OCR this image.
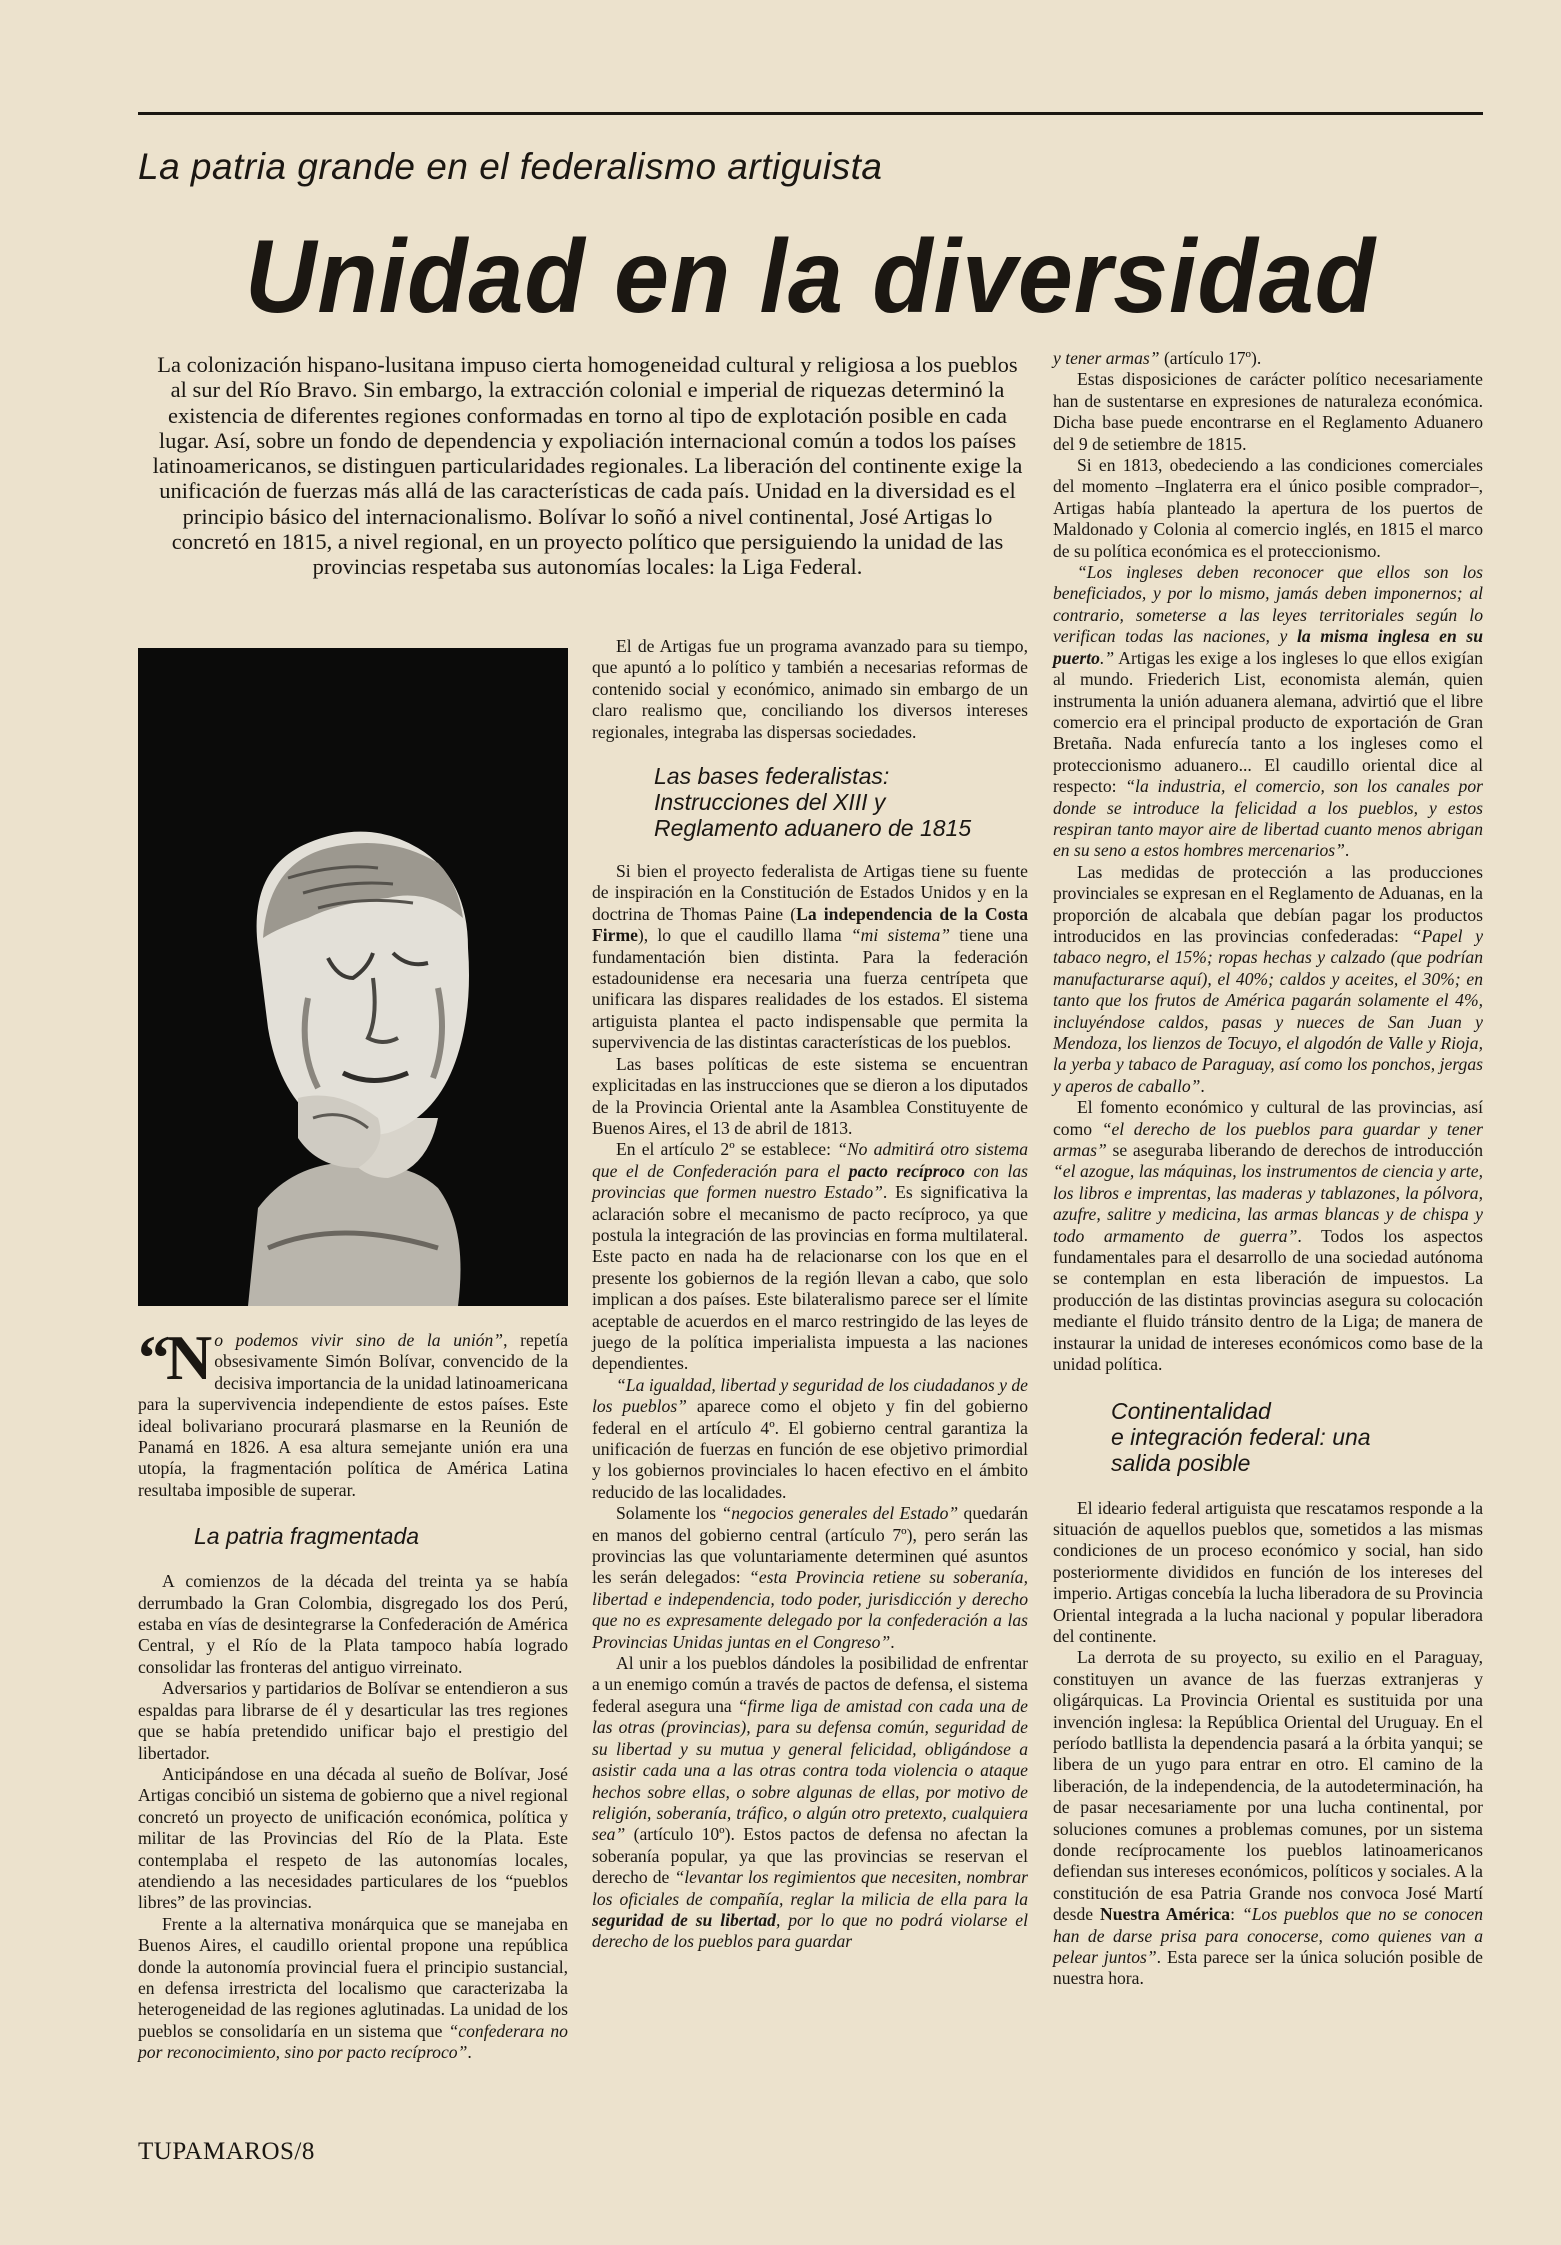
La patria grande en el federalismo artiguista
Unidad en la diversidad
La colonización hispano-lusitana impuso cierta homogeneidad cultural y religiosa a los pueblos al sur del Río Bravo. Sin embargo, la extracción colonial e imperial de riquezas determinó la existencia de diferentes regiones conformadas en torno al tipo de explotación posible en cada lugar. Así, sobre un fondo de dependencia y expoliación internacional común a todos los países latinoamericanos, se distinguen particularidades regionales. La liberación del continente exige la unificación de fuerzas más allá de las características de cada país. Unidad en la diversidad es el principio básico del internacionalismo. Bolívar lo soñó a nivel continental, José Artigas lo concretó en 1815, a nivel regional, en un proyecto político que persiguiendo la unidad de las provincias respetaba sus autonomías locales: la Liga Federal.

“No podemos vivir sino de la unión”, repetía obsesivamente Simón Bolívar, convencido de la decisiva importancia de la unidad latinoamericana para la supervivencia independiente de estos países. Este ideal bolivariano procurará plasmarse en la Reunión de Panamá en 1826. A esa altura semejante unión era una utopía, la fragmentación política de América Latina resultaba imposible de superar.

La patria fragmentada

A comienzos de la década del treinta ya se había derrumbado la Gran Colombia, disgregado los dos Perú, estaba en vías de desintegrarse la Confederación de América Central, y el Río de la Plata tampoco había logrado consolidar las fronteras del antiguo virreinato.

Adversarios y partidarios de Bolívar se entendieron a sus espaldas para librarse de él y desarticular las tres regiones que se había pretendido unificar bajo el prestigio del libertador.

Anticipándose en una década al sueño de Bolívar, José Artigas concibió un sistema de gobierno que a nivel regional concretó un proyecto de unificación económica, política y militar de las Provincias del Río de la Plata. Este contemplaba el respeto de las autonomías locales, atendiendo a las necesidades particulares de los “pueblos libres” de las provincias.

Frente a la alternativa monárquica que se manejaba en Buenos Aires, el caudillo oriental propone una república donde la autonomía provincial fuera el principio sustancial, en defensa irrestricta del localismo que caracterizaba la heterogeneidad de las regiones aglutinadas. La unidad de los pueblos se consolidaría en un sistema que “confederara no por reconocimiento, sino por pacto recíproco”.

El de Artigas fue un programa avanzado para su tiempo, que apuntó a lo político y también a necesarias reformas de contenido social y económico, animado sin embargo de un claro realismo que, conciliando los diversos intereses regionales, integraba las dispersas sociedades.

Las bases federalistas:
Instrucciones del XIII y
Reglamento aduanero de 1815

Si bien el proyecto federalista de Artigas tiene su fuente de inspiración en la Constitución de Estados Unidos y en la doctrina de Thomas Paine (La independencia de la Costa Firme), lo que el caudillo llama “mi sistema” tiene una fundamentación bien distinta. Para la federación estadounidense era necesaria una fuerza centrípeta que unificara las dispares realidades de los estados. El sistema artiguista plantea el pacto indispensable que permita la supervivencia de las distintas características de los pueblos.

Las bases políticas de este sistema se encuentran explicitadas en las instrucciones que se dieron a los diputados de la Provincia Oriental ante la Asamblea Constituyente de Buenos Aires, el 13 de abril de 1813.

En el artículo 2º se establece: “No admitirá otro sistema que el de Confederación para el pacto recíproco con las provincias que formen nuestro Estado”. Es significativa la aclaración sobre el mecanismo de pacto recíproco, ya que postula la integración de las provincias en forma multilateral. Este pacto en nada ha de relacionarse con los que en el presente los gobiernos de la región llevan a cabo, que solo implican a dos países. Este bilateralismo parece ser el límite aceptable de acuerdos en el marco restringido de las leyes de juego de la política imperialista impuesta a las naciones dependientes.

“La igualdad, libertad y seguridad de los ciudadanos y de los pueblos” aparece como el objeto y fin del gobierno federal en el artículo 4º. El gobierno central garantiza la unificación de fuerzas en función de ese objetivo primordial y los gobiernos provinciales lo hacen efectivo en el ámbito reducido de las localidades.

Solamente los “negocios generales del Estado” quedarán en manos del gobierno central (artículo 7º), pero serán las provincias las que voluntariamente determinen qué asuntos les serán delegados: “esta Provincia retiene su soberanía, libertad e independencia, todo poder, jurisdicción y derecho que no es expresamente delegado por la confederación a las Provincias Unidas juntas en el Congreso”.

Al unir a los pueblos dándoles la posibilidad de enfrentar a un enemigo común a través de pactos de defensa, el sistema federal asegura una “firme liga de amistad con cada una de las otras (provincias), para su defensa común, seguridad de su libertad y su mutua y general felicidad, obligándose a asistir cada una a las otras contra toda violencia o ataque hechos sobre ellas, o sobre algunas de ellas, por motivo de religión, soberanía, tráfico, o algún otro pretexto, cualquiera sea” (artículo 10º). Estos pactos de defensa no afectan la soberanía popular, ya que las provincias se reservan el derecho de “levantar los regimientos que necesiten, nombrar los oficiales de compañía, reglar la milicia de ella para la seguridad de su libertad, por lo que no podrá violarse el derecho de los pueblos para guardar

y tener armas” (artículo 17º).

Estas disposiciones de carácter político necesariamente han de sustentarse en expresiones de naturaleza económica. Dicha base puede encontrarse en el Reglamento Aduanero del 9 de setiembre de 1815.

Si en 1813, obedeciendo a las condiciones comerciales del momento –Inglaterra era el único posible comprador–, Artigas había planteado la apertura de los puertos de Maldonado y Colonia al comercio inglés, en 1815 el marco de su política económica es el proteccionismo.

“Los ingleses deben reconocer que ellos son los beneficiados, y por lo mismo, jamás deben imponernos; al contrario, someterse a las leyes territoriales según lo verifican todas las naciones, y la misma inglesa en su puerto.” Artigas les exige a los ingleses lo que ellos exigían al mundo. Friederich List, economista alemán, quien instrumenta la unión aduanera alemana, advirtió que el libre comercio era el principal producto de exportación de Gran Bretaña. Nada enfurecía tanto a los ingleses como el proteccionismo aduanero... El caudillo oriental dice al respecto: “la industria, el comercio, son los canales por donde se introduce la felicidad a los pueblos, y estos respiran tanto mayor aire de libertad cuanto menos abrigan en su seno a estos hombres mercenarios”.

Las medidas de protección a las producciones provinciales se expresan en el Reglamento de Aduanas, en la proporción de alcabala que debían pagar los productos introducidos en las provincias confederadas: “Papel y tabaco negro, el 15%; ropas hechas y calzado (que podrían manufacturarse aquí), el 40%; caldos y aceites, el 30%; en tanto que los frutos de América pagarán solamente el 4%, incluyéndose caldos, pasas y nueces de San Juan y Mendoza, los lienzos de Tocuyo, el algodón de Valle y Rioja, la yerba y tabaco de Paraguay, así como los ponchos, jergas y aperos de caballo”.

El fomento económico y cultural de las provincias, así como “el derecho de los pueblos para guardar y tener armas” se aseguraba liberando de derechos de introducción “el azogue, las máquinas, los instrumentos de ciencia y arte, los libros e imprentas, las maderas y tablazones, la pólvora, azufre, salitre y medicina, las armas blancas y de chispa y todo armamento de guerra”. Todos los aspectos fundamentales para el desarrollo de una sociedad autónoma se contemplan en esta liberación de impuestos. La producción de las distintas provincias asegura su colocación mediante el fluido tránsito dentro de la Liga; de manera de instaurar la unidad de intereses económicos como base de la unidad política.

Continentalidad
e integración federal: una
salida posible

El ideario federal artiguista que rescatamos responde a la situación de aquellos pueblos que, sometidos a las mismas condiciones de un proceso económico y social, han sido posteriormente divididos en función de los intereses del imperio. Artigas concebía la lucha liberadora de su Provincia Oriental integrada a la lucha nacional y popular liberadora del continente.

La derrota de su proyecto, su exilio en el Paraguay, constituyen un avance de las fuerzas extranjeras y oligárquicas. La Provincia Oriental es sustituida por una invención inglesa: la República Oriental del Uruguay. En el período batllista la dependencia pasará a la órbita yanqui; se libera de un yugo para entrar en otro. El camino de la liberación, de la independencia, de la autodeterminación, ha de pasar necesariamente por una lucha continental, por soluciones comunes a problemas comunes, por un sistema donde recíprocamente los pueblos latinoamericanos defiendan sus intereses económicos, políticos y sociales. A la constitución de esa Patria Grande nos convoca José Martí desde Nuestra América: “Los pueblos que no se conocen han de darse prisa para conocerse, como quienes van a pelear juntos”. Esta parece ser la única solución posible de nuestra hora.

TUPAMAROS/8
